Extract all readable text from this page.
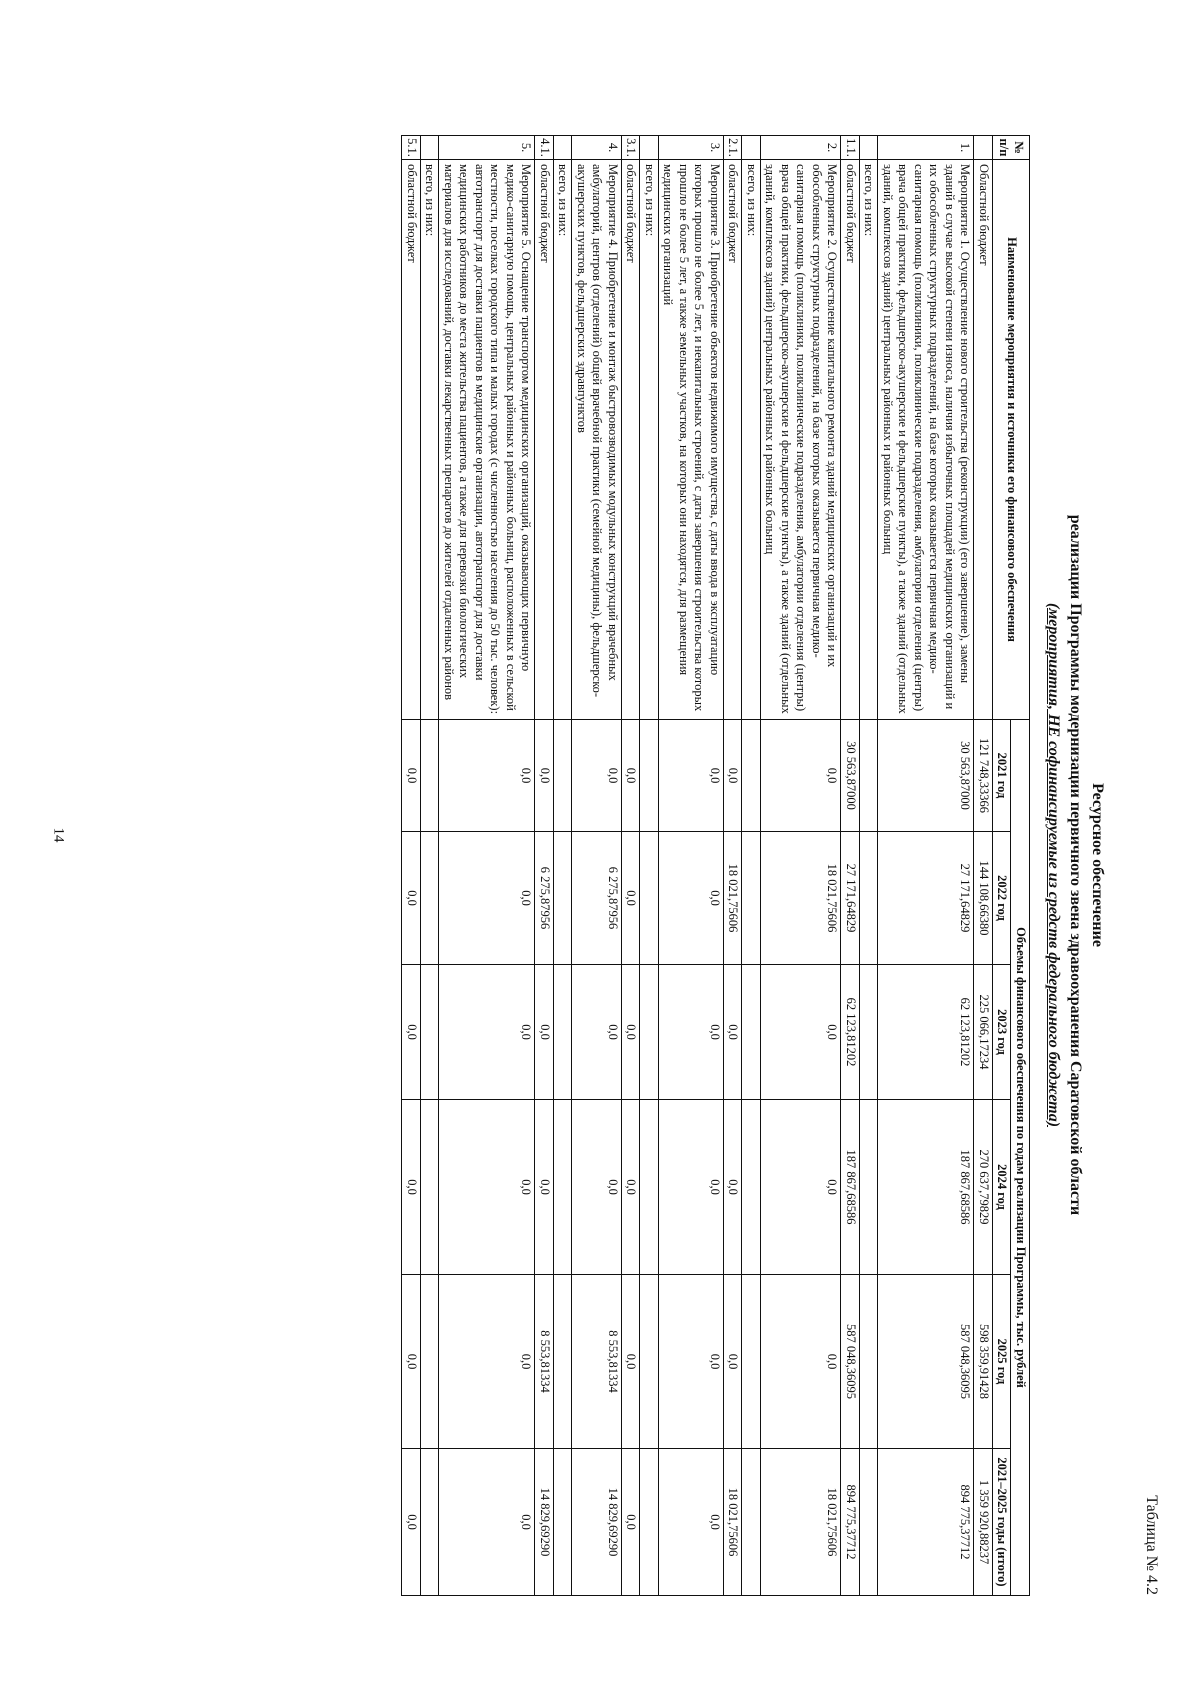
14
Таблица № 4.2
Ресурсное обеспечение
реализации Программы модернизации первичного звена здравоохранения Саратовской области
(мероприятия, НЕ софинансируемые из средств федерального бюджета)
№ п/п	Наименование мероприятия и источники его финансового обеспечения	Объемы финансового обеспечения по годам реализации Программы, тыс. рублей					
		2021 год	2022 год	2023 год	2024 год	2025 год	2021–2025 годы (итого)
	Областной бюджет	121 748,33366	144 108,66380	225 066,17234	270 637,79829	598 359,91428	1 359 920,88237
1.	Мероприятие 1. Осуществление нового строительства (реконструкции) (его завершение), замены зданий в случае высокой степени износа, наличия избыточных площадей медицинских организаций и их обособленных структурных подразделений, на базе которых оказывается первичная медико-санитарная помощь (поликлиники, поликлинические подразделения, амбулатории отделения (центры) врача общей практики, фельдшерско-акушерские и фельдшерские пункты), а также зданий (отдельных зданий, комплексов зданий) центральных районных и районных больниц	30 563,87000	27 171,64829	62 123,81202	187 867,68586	587 048,36095	894 775,37712
	всего, из них:						
1.1.	областной бюджет	30 563,87000	27 171,64829	62 123,81202	187 867,68586	587 048,36095	894 775,37712
2.	Мероприятие 2. Осуществление капитального ремонта зданий медицинских организаций и их обособленных структурных подразделений, на базе которых оказывается первичная медико-санитарная помощь (поликлиники, поликлинические подразделения, амбулатории отделения (центры) врача общей практики, фельдшерско-акушерские и фельдшерские пункты), а также зданий (отдельных зданий, комплексов зданий) центральных районных и районных больниц	0,0	18 021,75606	0,0	0,0	0,0	18 021,75606
	всего, из них:						
2.1.	областной бюджет	0,0	18 021,75606	0,0	0,0	0,0	18 021,75606
3.	Мероприятие 3. Приобретение объектов недвижимого имущества, с даты ввода в эксплуатацию которых прошло не более 5 лет, и некапитальных строений, с даты завершения строительства которых прошло не более 5 лет, а также земельных участков, на которых они находятся, для размещения медицинских организаций	0,0	0,0	0,0	0,0	0,0	0,0
	всего, из них:						
3.1.	областной бюджет	0,0	0,0	0,0	0,0	0,0	0,0
4.	Мероприятие 4. Приобретение и монтаж быстровозводимых модульных конструкций врачебных амбулаторий, центров (отделений) общей врачебной практики (семейной медицины), фельдшерско-акушерских пунктов, фельдшерских здравпунктов	0,0	6 275,87956	0,0	0,0	8 553,81334	14 829,69290
	всего, из них:						
4.1.	областной бюджет	0,0	6 275,87956	0,0	0,0	8 553,81334	14 829,69290
5.	Мероприятие 5. Оснащение транспортом медицинских организаций, оказывающих первичную медико-санитарную помощь, центральных районных и районных больниц, расположенных в сельской местности, поселках городского типа и малых городах (с численностью населения до 50 тыс. человек): автотранспорт для доставки пациентов в медицинские организации, автотранспорт для доставки медицинских работников до места жительства пациентов, а также для перевозки биологических материалов для исследований, доставки лекарственных препаратов до жителей отдаленных районов	0,0	0,0	0,0	0,0	0,0	0,0
	всего, из них:						
5.1.	областной бюджет	0,0	0,0	0,0	0,0	0,0	0,0
